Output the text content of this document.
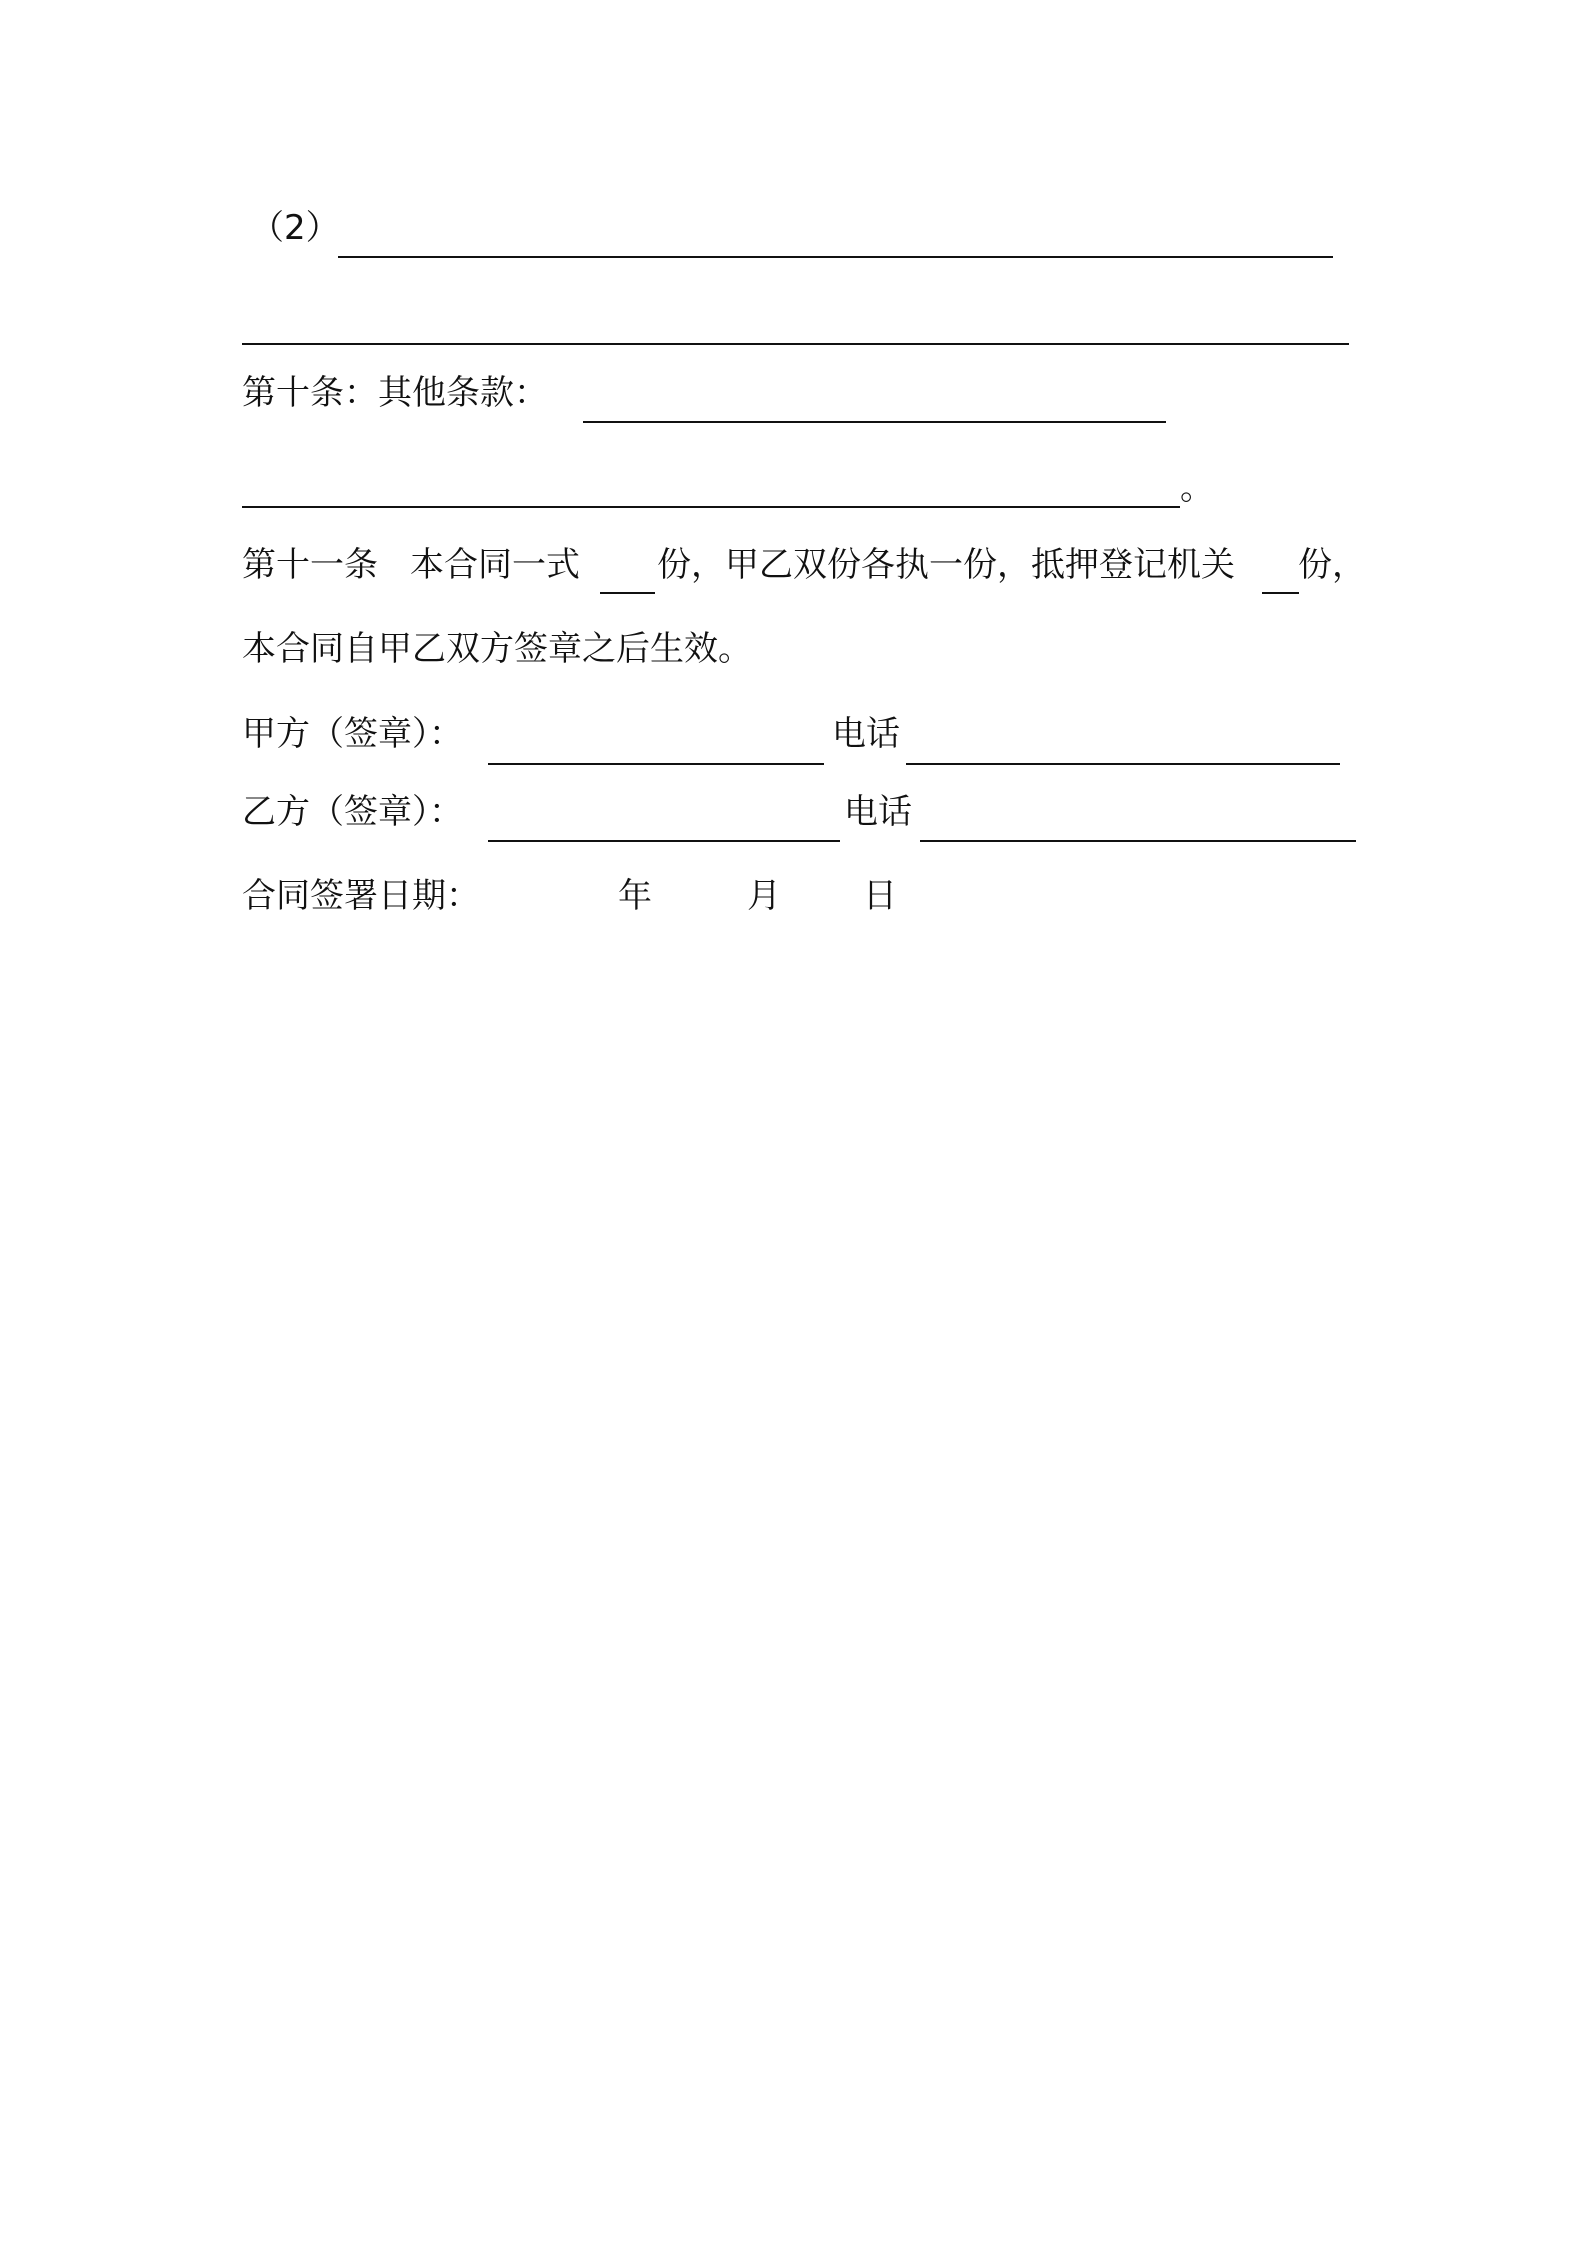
（2）
第十条：其他条款：
。
第十一条 本合同一式 份，甲乙双份各执一份，抵押登记机关 份，
本合同自甲乙双方签章之后生效。
甲方（签章）：	电话
乙方（签章）：	电话
合同签署日期：	年	月 日
